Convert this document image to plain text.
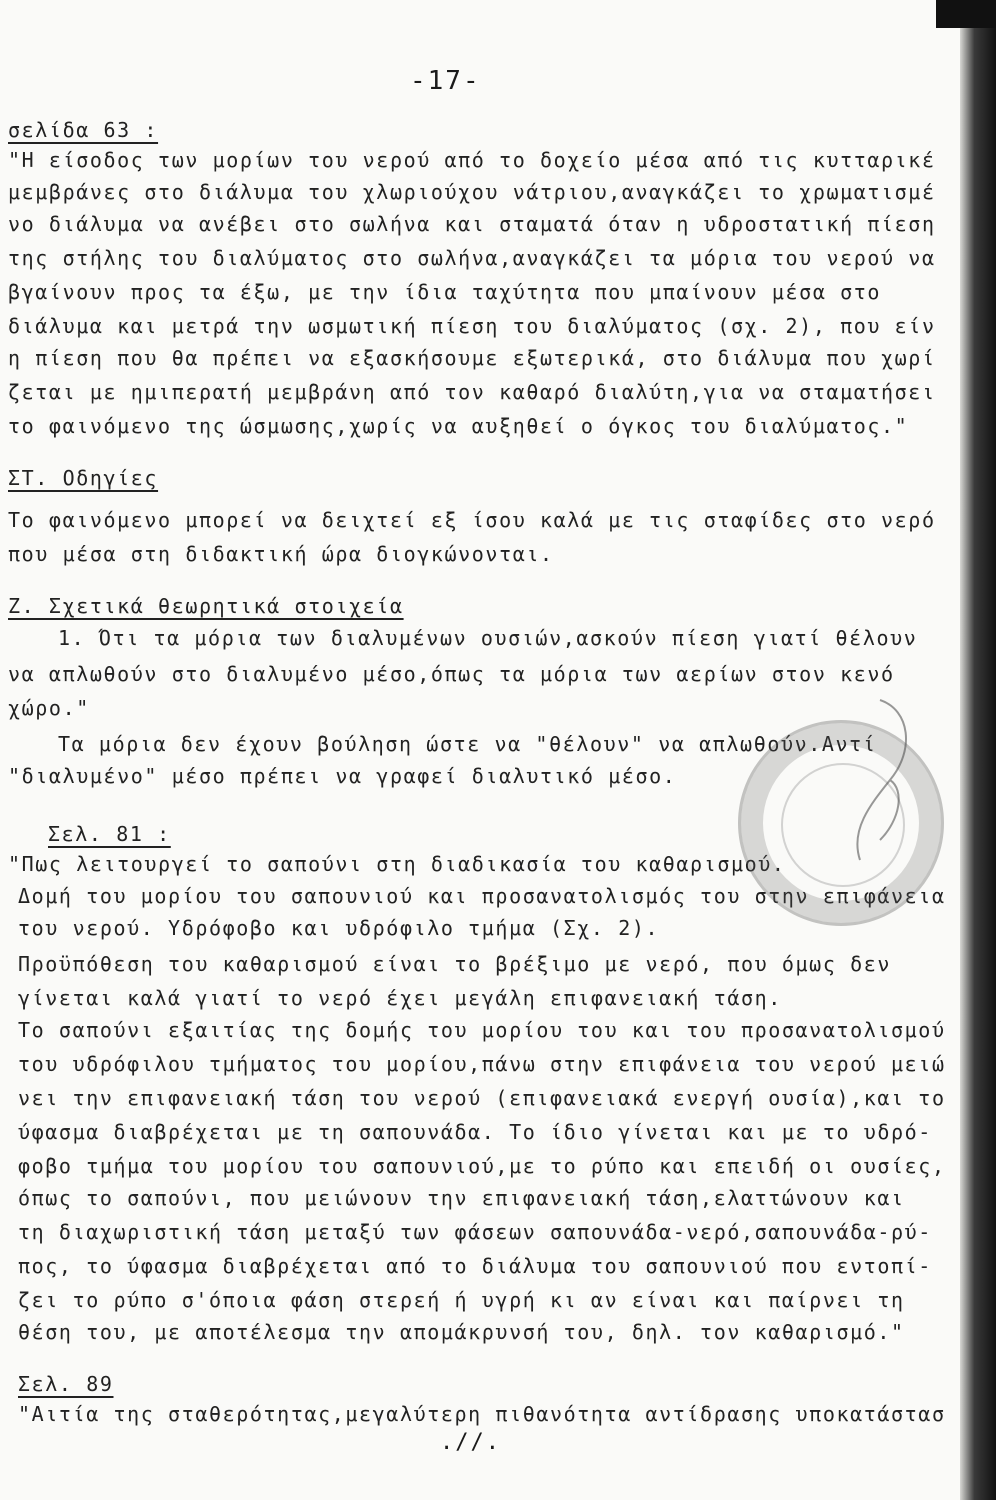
-17-
σελίδα 63 :
"Η είσοδος των μορίων του νερού από το δοχείο μέσα από τις κυτταρικέ
μεμβράνες στο διάλυμα του χλωριούχου νάτριου,αναγκάζει το χρωματισμέ
νο διάλυμα να ανέβει στο σωλήνα και σταματά όταν η υδροστατική πίεση
της στήλης του διαλύματος στο σωλήνα,αναγκάζει τα μόρια του νερού να
βγαίνουν προς τα έξω, με την ίδια ταχύτητα που μπαίνουν μέσα στο
διάλυμα και μετρά την ωσμωτική πίεση του διαλύματος (σχ. 2), που είν
η πίεση που θα πρέπει να εξασκήσουμε εξωτερικά, στο διάλυμα που χωρί
ζεται με ημιπερατή μεμβράνη από τον καθαρό διαλύτη,για να σταματήσει
το φαινόμενο της ώσμωσης,χωρίς να αυξηθεί ο όγκος του διαλύματος."
ΣΤ. Οδηγίες
Το φαινόμενο μπορεί να δειχτεί εξ ίσου καλά με τις σταφίδες στο νερό
που μέσα στη διδακτική ώρα διογκώνονται.
Ζ. Σχετικά θεωρητικά στοιχεία
1. Ότι τα μόρια των διαλυμένων ουσιών,ασκούν πίεση γιατί θέλουν
να απλωθούν στο διαλυμένο μέσο,όπως τα μόρια των αερίων στον κενό
χώρο."
Τα μόρια δεν έχουν βούληση ώστε να "θέλουν" να απλωθούν.Αντί
"διαλυμένο" μέσο πρέπει να γραφεί διαλυτικό μέσο.
Σελ. 81 :
"Πως λειτουργεί το σαπούνι στη διαδικασία του καθαρισμού.
Δομή του μορίου του σαπουνιού και προσανατολισμός του στην επιφάνεια
του νερού. Υδρόφοβο και υδρόφιλο τμήμα (Σχ. 2).
Προϋπόθεση του καθαρισμού είναι το βρέξιμο με νερό, που όμως δεν
γίνεται καλά γιατί το νερό έχει μεγάλη επιφανειακή τάση.
Το σαπούνι εξαιτίας της δομής του μορίου του και του προσανατολισμού
του υδρόφιλου τμήματος του μορίου,πάνω στην επιφάνεια του νερού μειώ
νει την επιφανειακή τάση του νερού (επιφανειακά ενεργή ουσία),και το
ύφασμα διαβρέχεται με τη σαπουνάδα. Το ίδιο γίνεται και με το υδρό-
φοβο τμήμα του μορίου του σαπουνιού,με το ρύπο και επειδή οι ουσίες,
όπως το σαπούνι, που μειώνουν την επιφανειακή τάση,ελαττώνουν και
τη διαχωριστική τάση μεταξύ των φάσεων σαπουνάδα-νερό,σαπουνάδα-ρύ-
πος, το ύφασμα διαβρέχεται από το διάλυμα του σαπουνιού που εντοπί-
ζει το ρύπο σ'όποια φάση στερεή ή υγρή κι αν είναι και παίρνει τη
θέση του, με αποτέλεσμα την απομάκρυνσή του, δηλ. τον καθαρισμό."
Σελ. 89
"Αιτία της σταθερότητας,μεγαλύτερη πιθανότητα αντίδρασης υποκατάστασ
.//.
